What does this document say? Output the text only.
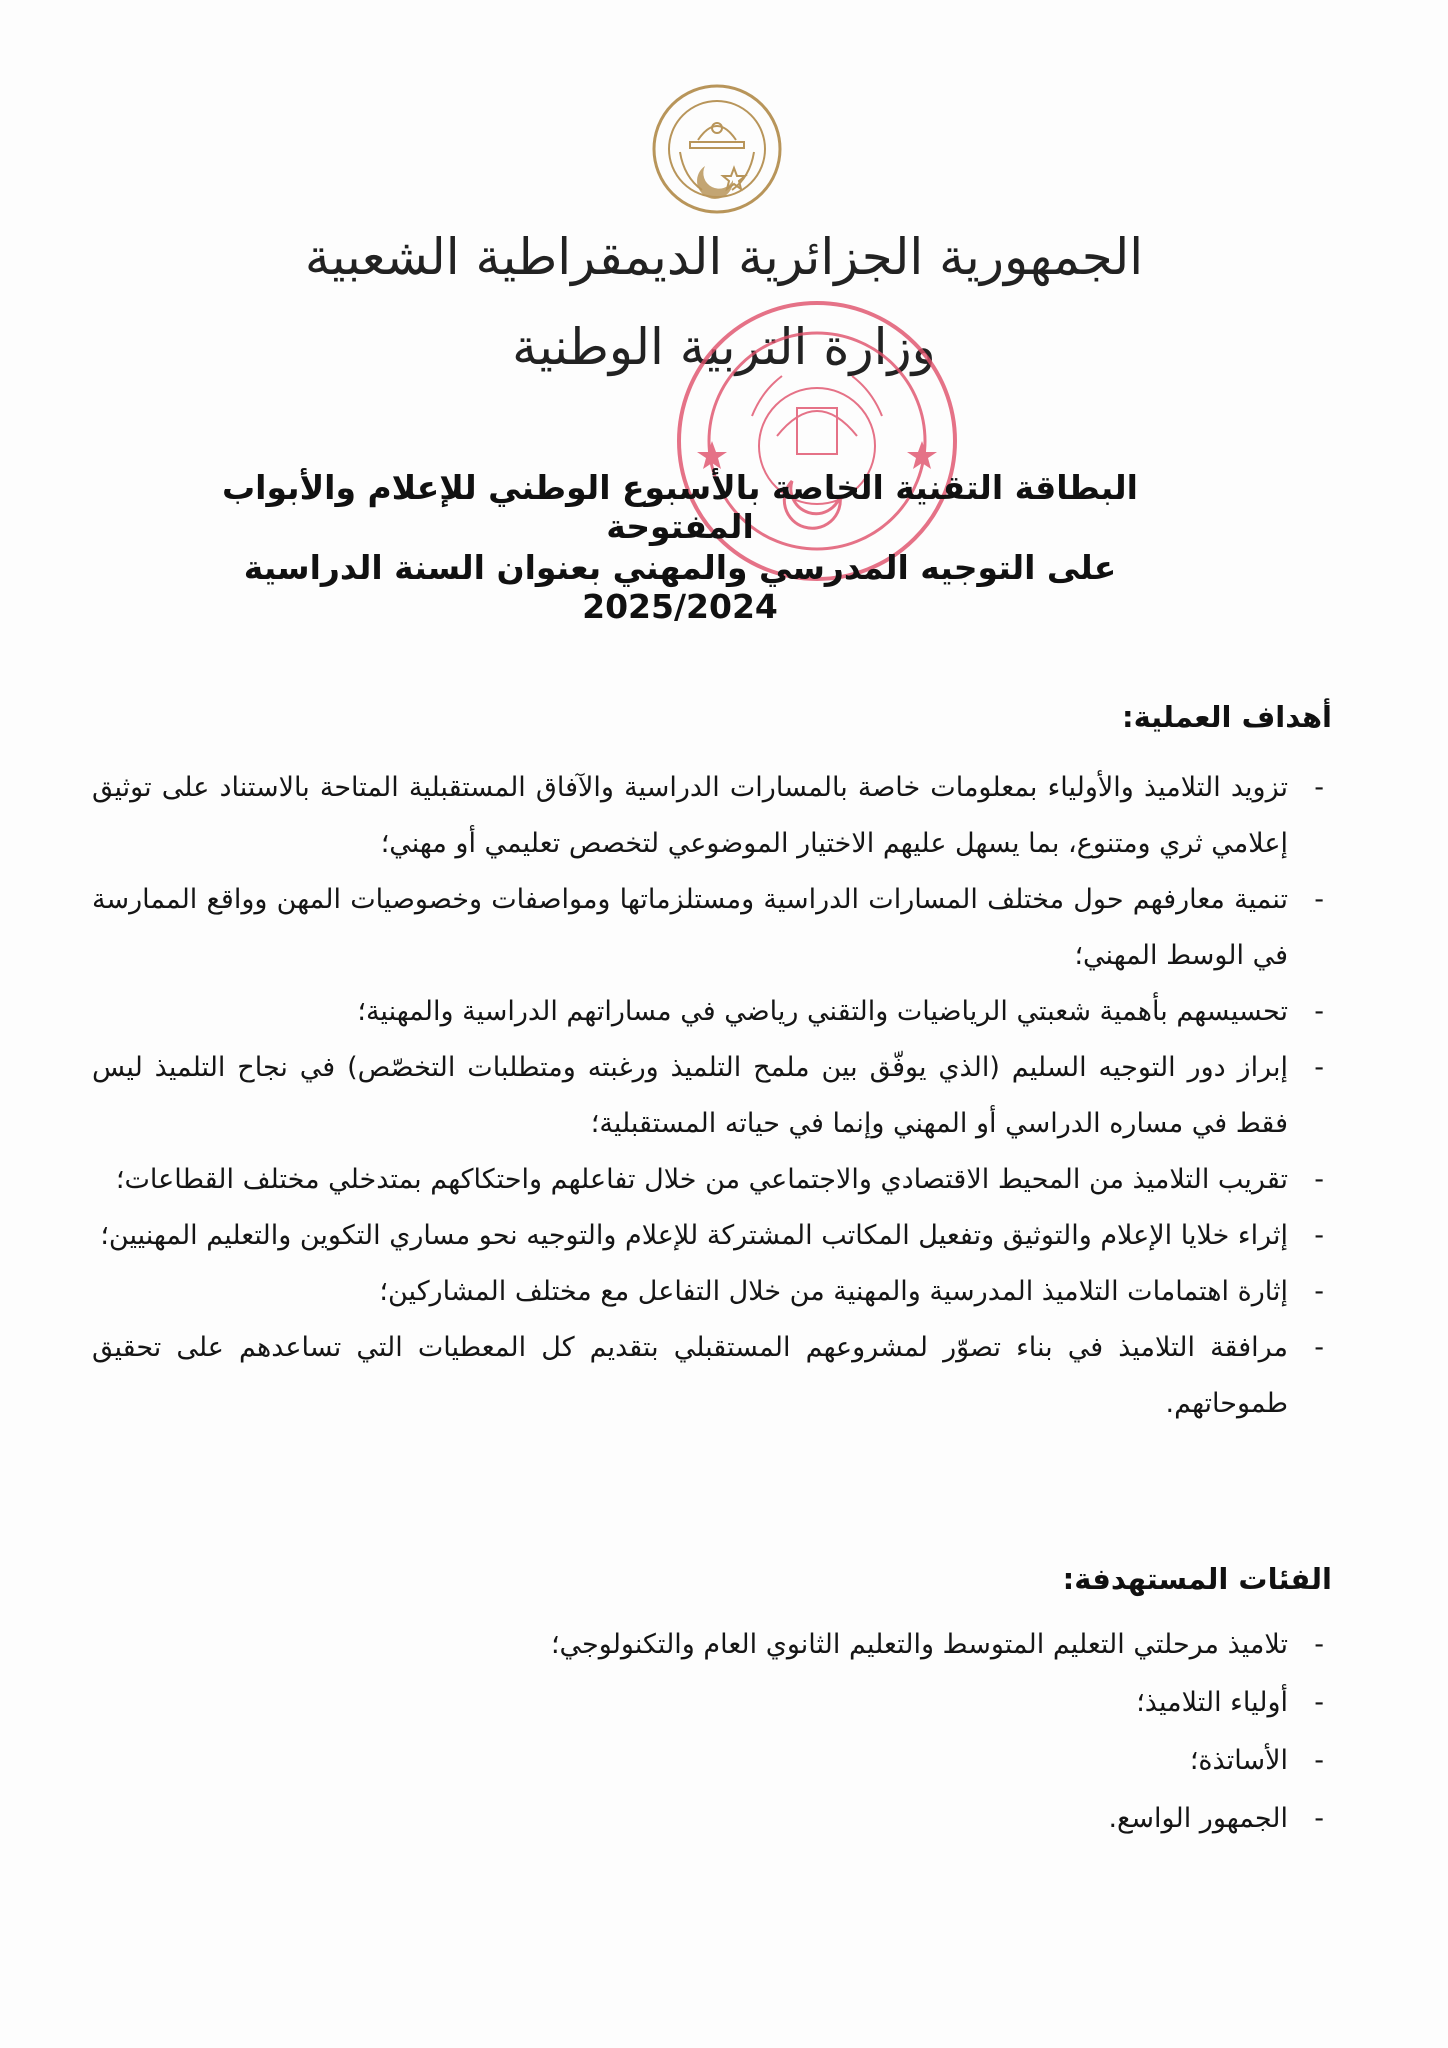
الجمهورية الجزائرية الديمقراطية الشعبية
وزارة التربية الوطنية
البطاقة التقنية الخاصة بالأسبوع الوطني للإعلام والأبواب المفتوحة
على التوجيه المدرسي والمهني بعنوان السنة الدراسية 2025/2024
أهداف العملية:
-
تزويد التلاميذ والأولياء بمعلومات خاصة بالمسارات الدراسية والآفاق المستقبلية المتاحة بالاستناد على توثيق إعلامي ثري ومتنوع، بما يسهل عليهم الاختيار الموضوعي لتخصص تعليمي أو مهني؛
-
تنمية معارفهم حول مختلف المسارات الدراسية ومستلزماتها ومواصفات وخصوصيات المهن وواقع الممارسة في الوسط المهني؛
-
تحسيسهم بأهمية شعبتي الرياضيات والتقني رياضي في مساراتهم الدراسية والمهنية؛
-
إبراز دور التوجيه السليم (الذي يوفّق بين ملمح التلميذ ورغبته ومتطلبات التخصّص) في نجاح التلميذ ليس فقط في مساره الدراسي أو المهني وإنما في حياته المستقبلية؛
-
تقريب التلاميذ من المحيط الاقتصادي والاجتماعي من خلال تفاعلهم واحتكاكهم بمتدخلي مختلف القطاعات؛
-
إثراء خلايا الإعلام والتوثيق وتفعيل المكاتب المشتركة للإعلام والتوجيه نحو مساري التكوين والتعليم المهنيين؛
-
إثارة اهتمامات التلاميذ المدرسية والمهنية من خلال التفاعل مع مختلف المشاركين؛
-
مرافقة التلاميذ في بناء تصوّر لمشروعهم المستقبلي بتقديم كل المعطيات التي تساعدهم على تحقيق طموحاتهم.
الفئات المستهدفة:
-
تلاميذ مرحلتي التعليم المتوسط والتعليم الثانوي العام والتكنولوجي؛
-
أولياء التلاميذ؛
-
الأساتذة؛
-
الجمهور الواسع.
